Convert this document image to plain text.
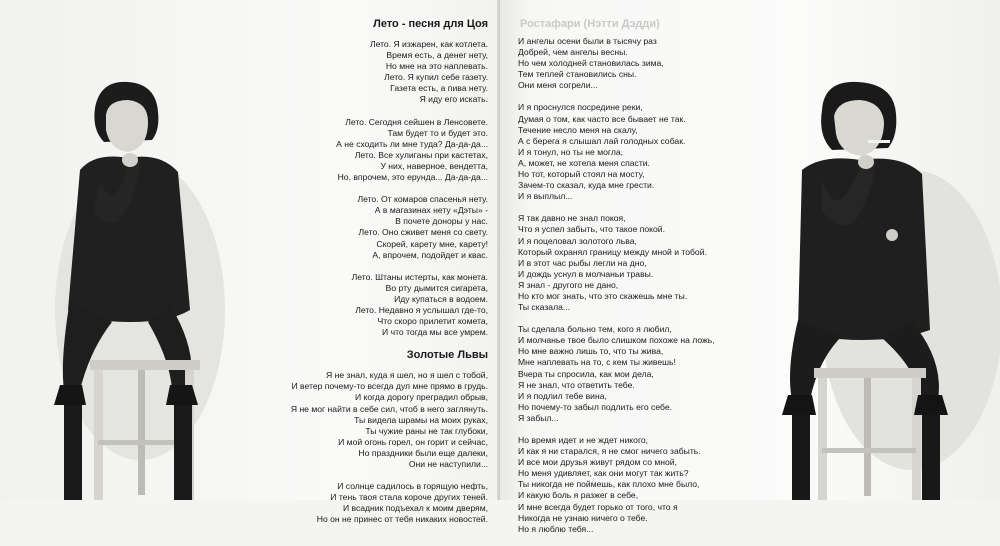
Лето - песня для Цоя
Лето. Я изжарен, как котлета.
Время есть, а денег нету,
Но мне на это наплевать.
Лето. Я купил себе газету.
Газета есть, а пива нету.
Я иду его искать.
Лето. Сегодня сейшен в Ленсовете.
Там будет то и будет это.
А не сходить ли мне туда? Да-да-да...
Лето. Все хулиганы при кастетах,
У них, наверное, вендетта,
Но, впрочем, это ерунда... Да-да-да...
Лето. От комаров спасенья нету.
А в магазинах нету «Дэты» -
В почете доноры у нас.
Лето. Оно сживет меня со свету.
Скорей, карету мне, карету!
А, впрочем, подойдет и квас.
Лето. Штаны истерты, как монета.
Во рту дымится сигарета,
Иду купаться в водоем.
Лето. Недавно я услышал где-то,
Что скоро прилетит комета,
И что тогда мы все умрем.
Золотые Львы
Я не знал, куда я шел, но я шел с тобой,
И ветер почему-то всегда дул мне прямо в грудь.
И когда дорогу преградил обрыв,
Я не мог найти в себе сил, чтоб в него заглянуть.
Ты видела шрамы на моих руках,
Ты чужие раны не так глубоки,
И мой огонь горел, он горит и сейчас,
Но праздники были еще далеки,
Они не наступили...
И солнце садилось в горящую нефть,
И тень твоя стала короче других теней.
И всадник подъехал к моим дверям,
Но он не принес от тебя никаких новостей.
И ангелы осени были в тысячу раз
Добрей, чем ангелы весны.
Но чем холодней становилась зима,
Тем теплей становились сны.
Они меня согрели...
И я проснулся посредине реки,
Думая о том, как часто все бывает не так.
Течение несло меня на скалу,
А с берега я слышал лай голодных собак.
И я тонул, но ты не могла,
А, может, не хотела меня спасти.
Но тот, который стоял на мосту,
Зачем-то сказал, куда мне грести.
И я выплыл...
Я так давно не знал покоя,
Что я успел забыть, что такое покой.
И я поцеловал золотого льва,
Который охранял границу между мной и тобой.
И в этот час рыбы легли на дно,
И дождь уснул в молчаньи травы.
Я знал - другого не дано,
Но кто мог знать, что это скажешь мне ты.
Ты сказала...
Ты сделала больно тем, кого я любил,
И молчанье твое было слишком похоже на ложь,
Но мне важно лишь то, что ты жива,
Мне наплевать на то, с кем ты живешь!
Вчера ты спросила, как мои дела,
Я не знал, что ответить тебе.
И я подлил тебе вина,
Но почему-то забыл подлить его себе.
Я забыл...
Но время идет и не ждет никого,
И как я ни старался, я не смог ничего забыть.
И все мои друзья живут рядом со мной,
Но меня удивляет, как они могут так жить?
Ты никогда не поймешь, как плохо мне было,
И какую боль я разжег в себе,
И мне всегда будет горько от того, что я
Никогда не узнаю ничего о тебе.
Но я люблю тебя...
Ростафари (Нэтти Дэдди)
